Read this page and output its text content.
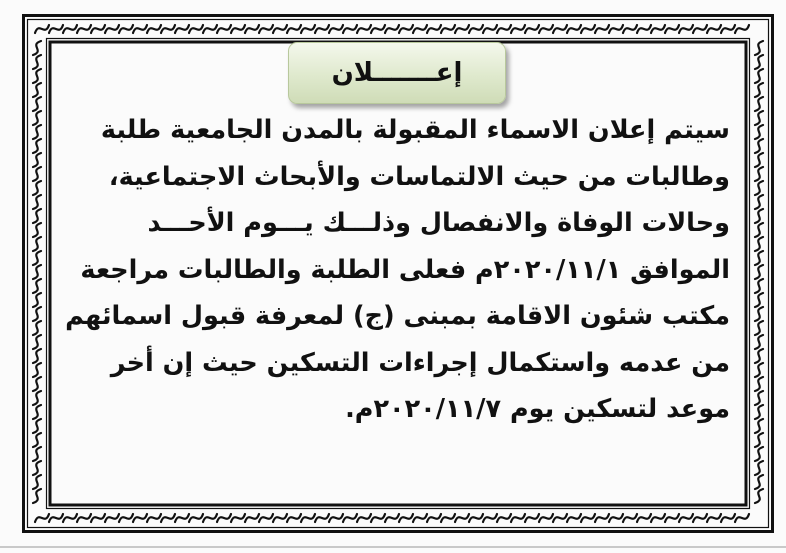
إعـــــــلان
سيتم إعلان الاسماء المقبولة بالمدن الجامعية طلبة
وطالبات من حيث الالتماسات والأبحاث الاجتماعية،
وحالات الوفاة والانفصال وذلـــك يـــوم الأحـــد
الموافق ٢٠٢٠/١١/١م فعلى الطلبة والطالبات مراجعة
مكتب شئون الاقامة بمبنى (ج) لمعرفة قبول اسمائهم
من عدمه واستكمال إجراءات التسكين حيث إن أخر
موعد لتسكين يوم ٢٠٢٠/١١/٧م.
